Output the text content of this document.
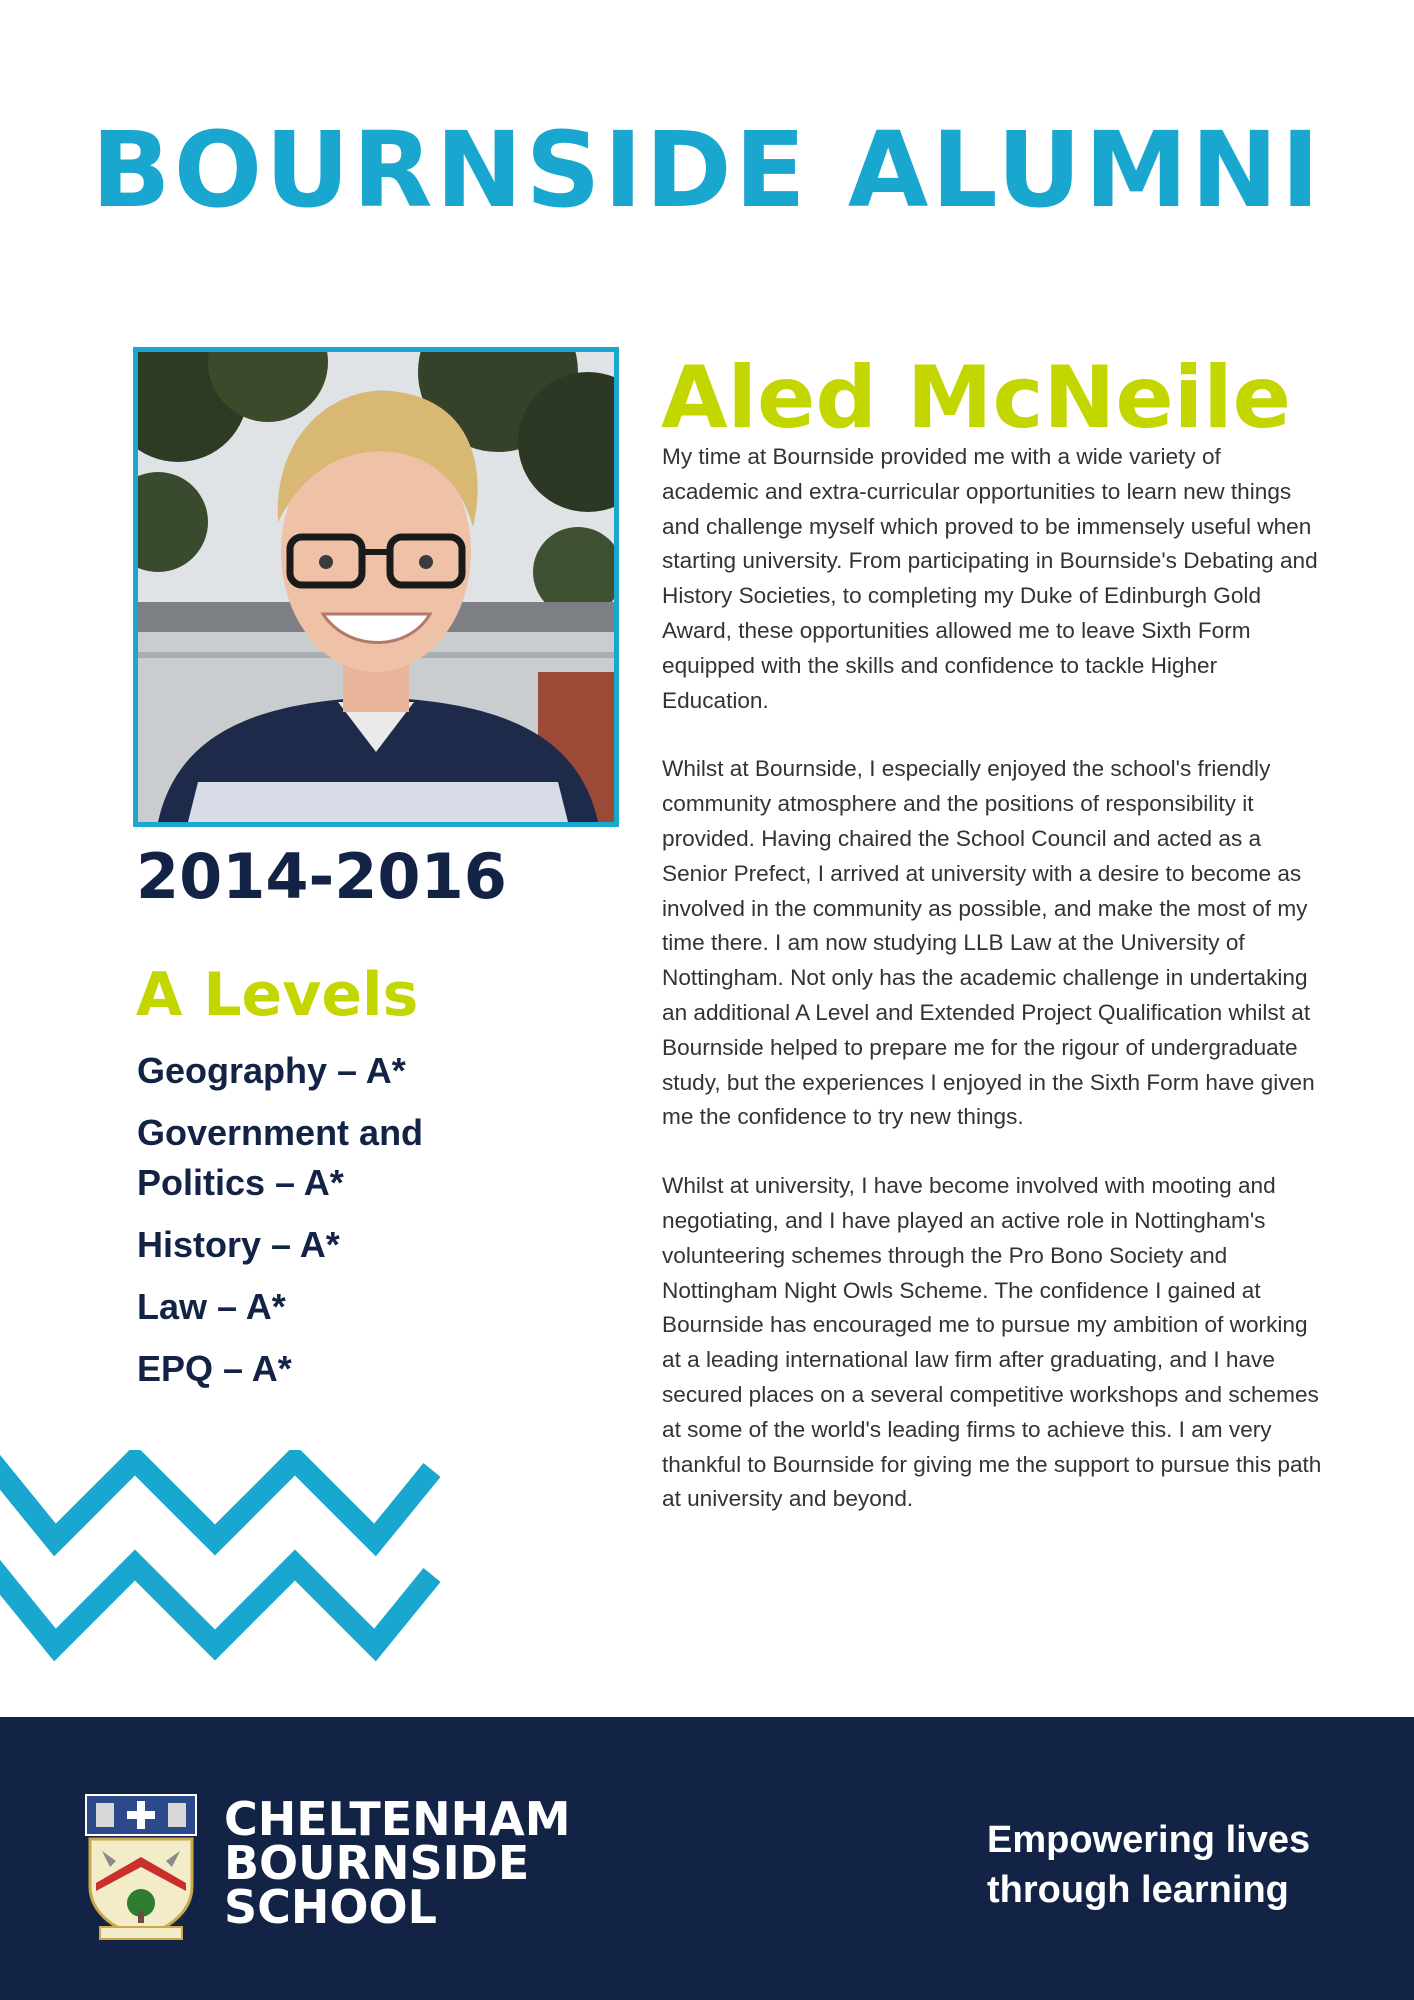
BOURNSIDE ALUMNI
2014-2016
A Levels
Geography – A*
Government and Politics – A*
History – A*
Law – A*
EPQ – A*
Aled McNeile

My time at Bournside provided me with a wide variety of academic and extra-curricular opportunities to learn new things and challenge myself which proved to be immensely useful when starting university. From participating in Bournside's Debating and History Societies, to completing my Duke of Edinburgh Gold Award, these opportunities allowed me to leave Sixth Form equipped with the skills and confidence to tackle Higher Education.

Whilst at Bournside, I especially enjoyed the school's friendly community atmosphere and the positions of responsibility it provided. Having chaired the School Council and acted as a Senior Prefect, I arrived at university with a desire to become as involved in the community as possible, and make the most of my time there. I am now studying LLB Law at the University of Nottingham. Not only has the academic challenge in undertaking an additional A Level and Extended Project Qualification whilst at Bournside helped to prepare me for the rigour of undergraduate study, but the experiences I enjoyed in the Sixth Form have given me the confidence to try new things.

Whilst at university, I have become involved with mooting and negotiating, and I have played an active role in Nottingham's volunteering schemes through the Pro Bono Society and Nottingham Night Owls Scheme. The confidence I gained at Bournside has encouraged me to pursue my ambition of working at a leading international law firm after graduating, and I have secured places on a several competitive workshops and schemes at some of the world's leading firms to achieve this. I am very thankful to Bournside for giving me the support to pursue this path at university and beyond.

CHELTENHAM
BOURNSIDE
SCHOOL
Empowering lives
through learning
